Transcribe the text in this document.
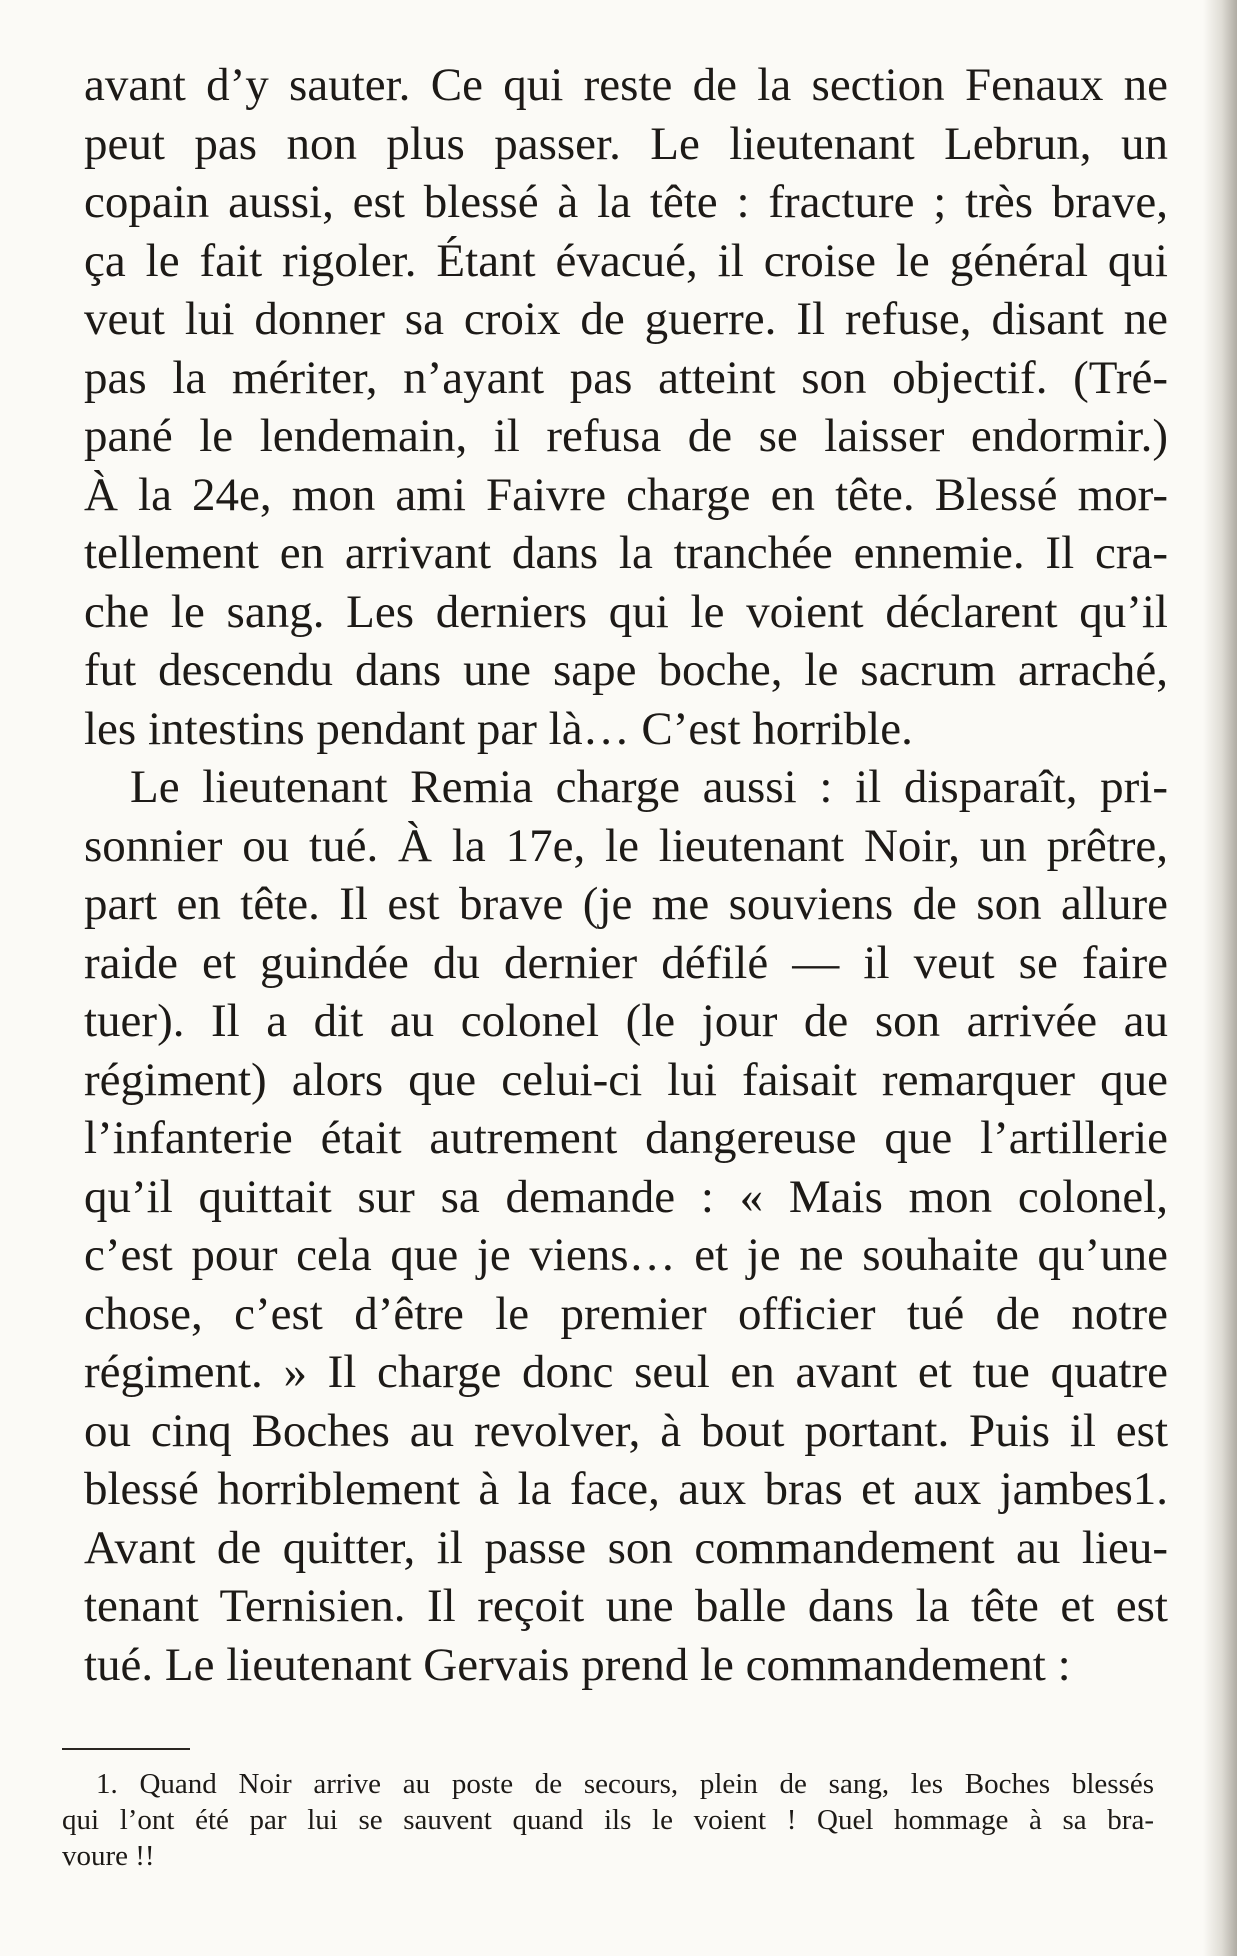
avant d’y sauter. Ce qui reste de la section Fenaux ne
peut pas non plus passer. Le lieutenant Lebrun, un
copain aussi, est blessé à la tête : fracture ; très brave,
ça le fait rigoler. Étant évacué, il croise le général qui
veut lui donner sa croix de guerre. Il refuse, disant ne
pas la mériter, n’ayant pas atteint son objectif. (Tré-
pané le lendemain, il refusa de se laisser endormir.)
À la 24e, mon ami Faivre charge en tête. Blessé mor-
tellement en arrivant dans la tranchée ennemie. Il cra-
che le sang. Les derniers qui le voient déclarent qu’il
fut descendu dans une sape boche, le sacrum arraché,
les intestins pendant par là… C’est horrible.
Le lieutenant Remia charge aussi : il disparaît, pri-
sonnier ou tué. À la 17e, le lieutenant Noir, un prêtre,
part en tête. Il est brave (je me souviens de son allure
raide et guindée du dernier défilé — il veut se faire
tuer). Il a dit au colonel (le jour de son arrivée au
régiment) alors que celui-ci lui faisait remarquer que
l’infanterie était autrement dangereuse que l’artillerie
qu’il quittait sur sa demande : « Mais mon colonel,
c’est pour cela que je viens… et je ne souhaite qu’une
chose, c’est d’être le premier officier tué de notre
régiment. » Il charge donc seul en avant et tue quatre
ou cinq Boches au revolver, à bout portant. Puis il est
blessé horriblement à la face, aux bras et aux jambes1.
Avant de quitter, il passe son commandement au lieu-
tenant Ternisien. Il reçoit une balle dans la tête et est
tué. Le lieutenant Gervais prend le commandement :
1. Quand Noir arrive au poste de secours, plein de sang, les Boches blessés
qui l’ont été par lui se sauvent quand ils le voient ! Quel hommage à sa bra-
voure !!
